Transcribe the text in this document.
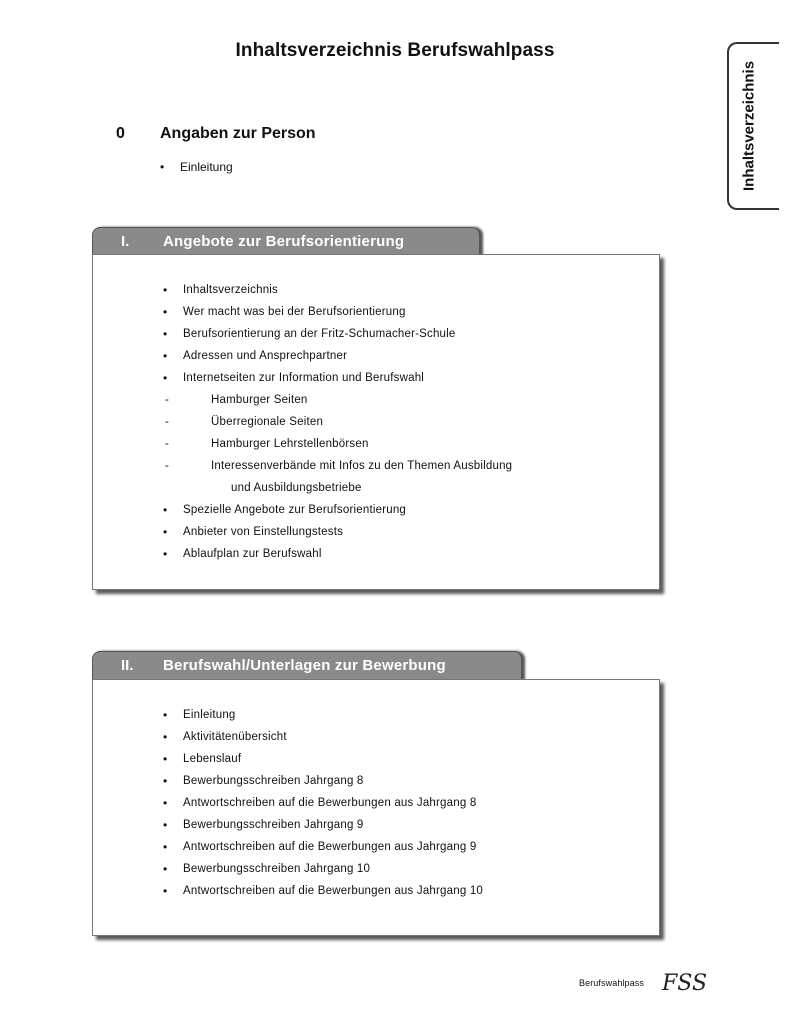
Inhaltsverzeichnis Berufswahlpass
Inhaltsverzeichnis
0 Angaben zur Person
•	Einleitung
I. Angebote zur Berufsorientierung
•	Inhaltsverzeichnis
•	Wer macht was bei der Berufsorientierung
•	Berufsorientierung an der Fritz-Schumacher-Schule
•	Adressen und Ansprechpartner
•	Internetseiten zur Information und Berufswahl
-	Hamburger Seiten
-	Überregionale Seiten
-	Hamburger Lehrstellenbörsen
-	Interessenverbände mit Infos zu den Themen Ausbildung
und Ausbildungsbetriebe
•	Spezielle Angebote zur Berufsorientierung
•	Anbieter von Einstellungstests
•	Ablaufplan zur Berufswahl
II. Berufswahl/Unterlagen zur Bewerbung
•	Einleitung
•	Aktivitätenübersicht
•	Lebenslauf
•	Bewerbungsschreiben Jahrgang 8
•	Antwortschreiben auf die Bewerbungen aus Jahrgang 8
•	Bewerbungsschreiben Jahrgang 9
•	Antwortschreiben auf die Bewerbungen aus Jahrgang 9
•	Bewerbungsschreiben Jahrgang 10
•	Antwortschreiben auf die Bewerbungen aus Jahrgang 10
Berufswahlpass FSS
